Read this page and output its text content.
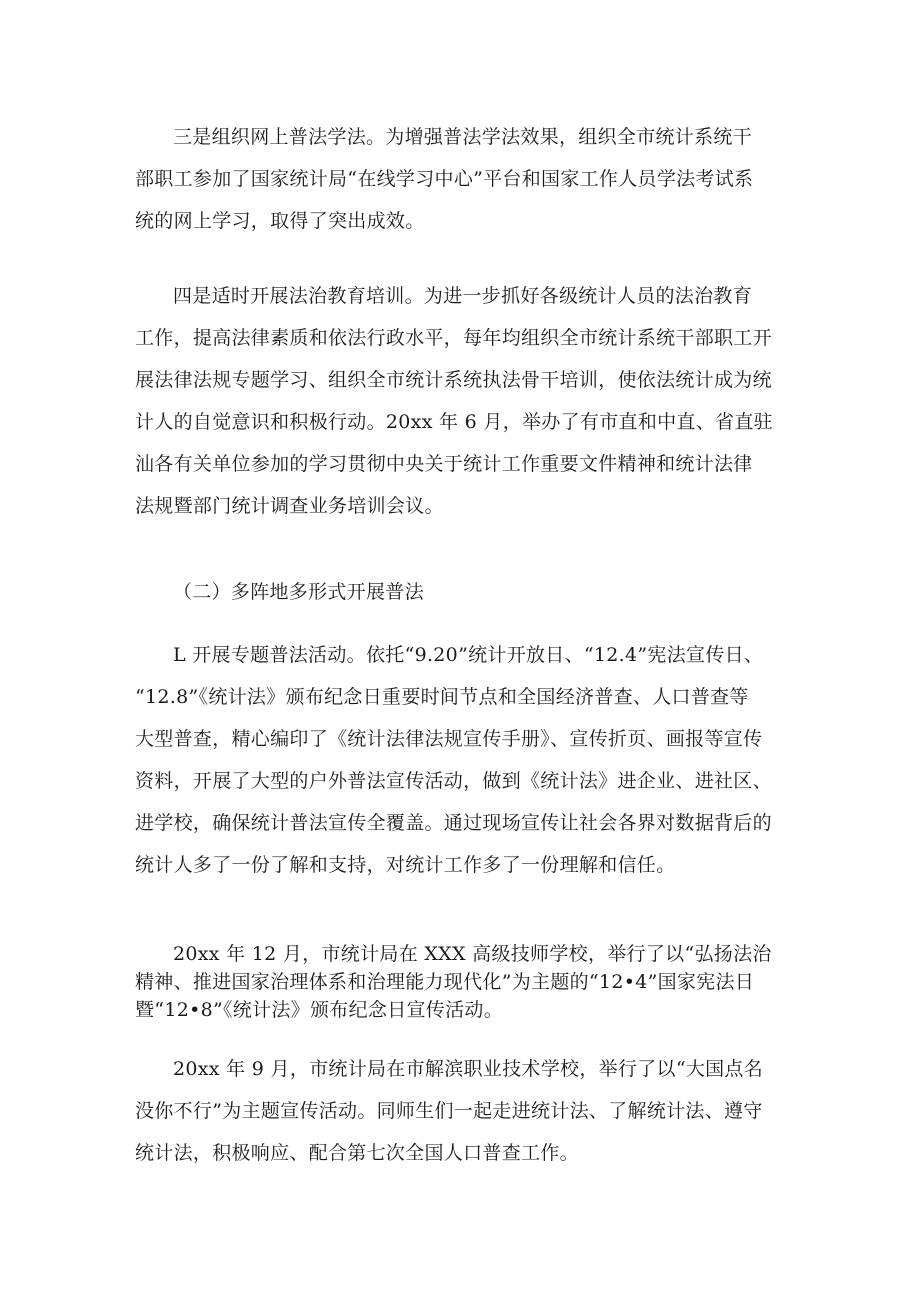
三是组织网上普法学法。为增强普法学法效果，组织全市统计系统干
部职工参加了国家统计局“在线学习中心”平台和国家工作人员学法考试系
统的网上学习，取得了突出成效。

四是适时开展法治教育培训。为进一步抓好各级统计人员的法治教育
工作，提高法律素质和依法行政水平，每年均组织全市统计系统干部职工开
展法律法规专题学习、组织全市统计系统执法骨干培训，使依法统计成为统
计人的自觉意识和积极行动。20xx 年 6 月，举办了有市直和中直、省直驻
汕各有关单位参加的学习贯彻中央关于统计工作重要文件精神和统计法律
法规暨部门统计调查业务培训会议。

（二）多阵地多形式开展普法

L 开展专题普法活动。依托“9.20”统计开放日、“12.4”宪法宣传日、
“12.8”《统计法》颁布纪念日重要时间节点和全国经济普查、人口普查等
大型普查，精心编印了《统计法律法规宣传手册》、宣传折页、画报等宣传
资料，开展了大型的户外普法宣传活动，做到《统计法》进企业、进社区、
进学校，确保统计普法宣传全覆盖。通过现场宣传让社会各界对数据背后的
统计人多了一份了解和支持，对统计工作多了一份理解和信任。

20xx 年 12 月，市统计局在 XXX 高级技师学校，举行了以“弘扬法治
精神、推进国家治理体系和治理能力现代化”为主题的“12•4”国家宪法日
暨“12•8”《统计法》颁布纪念日宣传活动。

20xx 年 9 月，市统计局在市解滨职业技术学校，举行了以“大国点名
没你不行”为主题宣传活动。同师生们一起走进统计法、了解统计法、遵守
统计法，积极响应、配合第七次全国人口普查工作。
